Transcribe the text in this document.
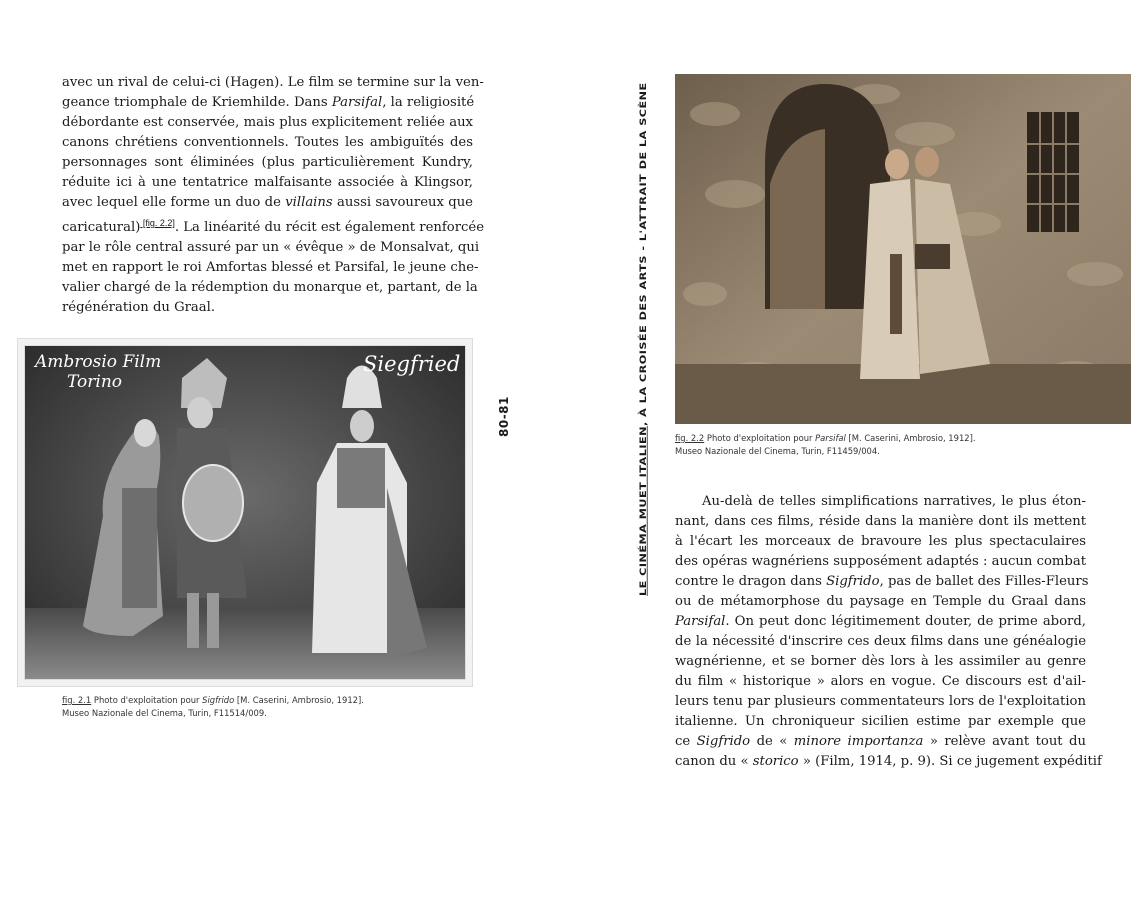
avec un rival de celui-ci (Hagen). Le film se termine sur la ven-
geance triomphale de Kriemhilde. Dans Parsifal, la religiosité
débordante est conservée, mais plus explicitement reliée aux
canons chrétiens conventionnels. Toutes les ambiguïtés des
personnages sont éliminées (plus particulièrement Kundry,
réduite ici à une tentatrice malfaisante associée à Klingsor,
avec lequel elle forme un duo de villains aussi savoureux que
caricatural) [fig. 2.2]. La linéarité du récit est également renforcée
par le rôle central assuré par un « évêque » de Monsalvat, qui
met en rapport le roi Amfortas blessé et Parsifal, le jeune che-
valier chargé de la rédemption du monarque et, partant, de la
régénération du Graal.
Ambrosio Film
Torino
Siegfried
fig. 2.1 Photo d'exploitation pour Sigfrido [M. Caserini, Ambrosio, 1912].
Museo Nazionale del Cinema, Turin, F11514/009.
80-81
LE CINÉMA MUET ITALIEN, À LA CROISÉE DES ARTS - L'ATTRAIT DE LA SCÈNE
fig. 2.2 Photo d'exploitation pour Parsifal [M. Caserini, Ambrosio, 1912].
Museo Nazionale del Cinema, Turin, F11459/004.
Au-delà de telles simplifications narratives, le plus éton-
nant, dans ces films, réside dans la manière dont ils mettent
à l'écart les morceaux de bravoure les plus spectaculaires
des opéras wagnériens supposément adaptés : aucun combat
contre le dragon dans Sigfrido, pas de ballet des Filles-Fleurs
ou de métamorphose du paysage en Temple du Graal dans
Parsifal. On peut donc légitimement douter, de prime abord,
de la nécessité d'inscrire ces deux films dans une généalogie
wagnérienne, et se borner dès lors à les assimiler au genre
du film « historique » alors en vogue. Ce discours est d'ail-
leurs tenu par plusieurs commentateurs lors de l'exploitation
italienne. Un chroniqueur sicilien estime par exemple que
ce Sigfrido de « minore importanza » relève avant tout du
canon du « storico » (Film, 1914, p. 9). Si ce jugement expéditif
